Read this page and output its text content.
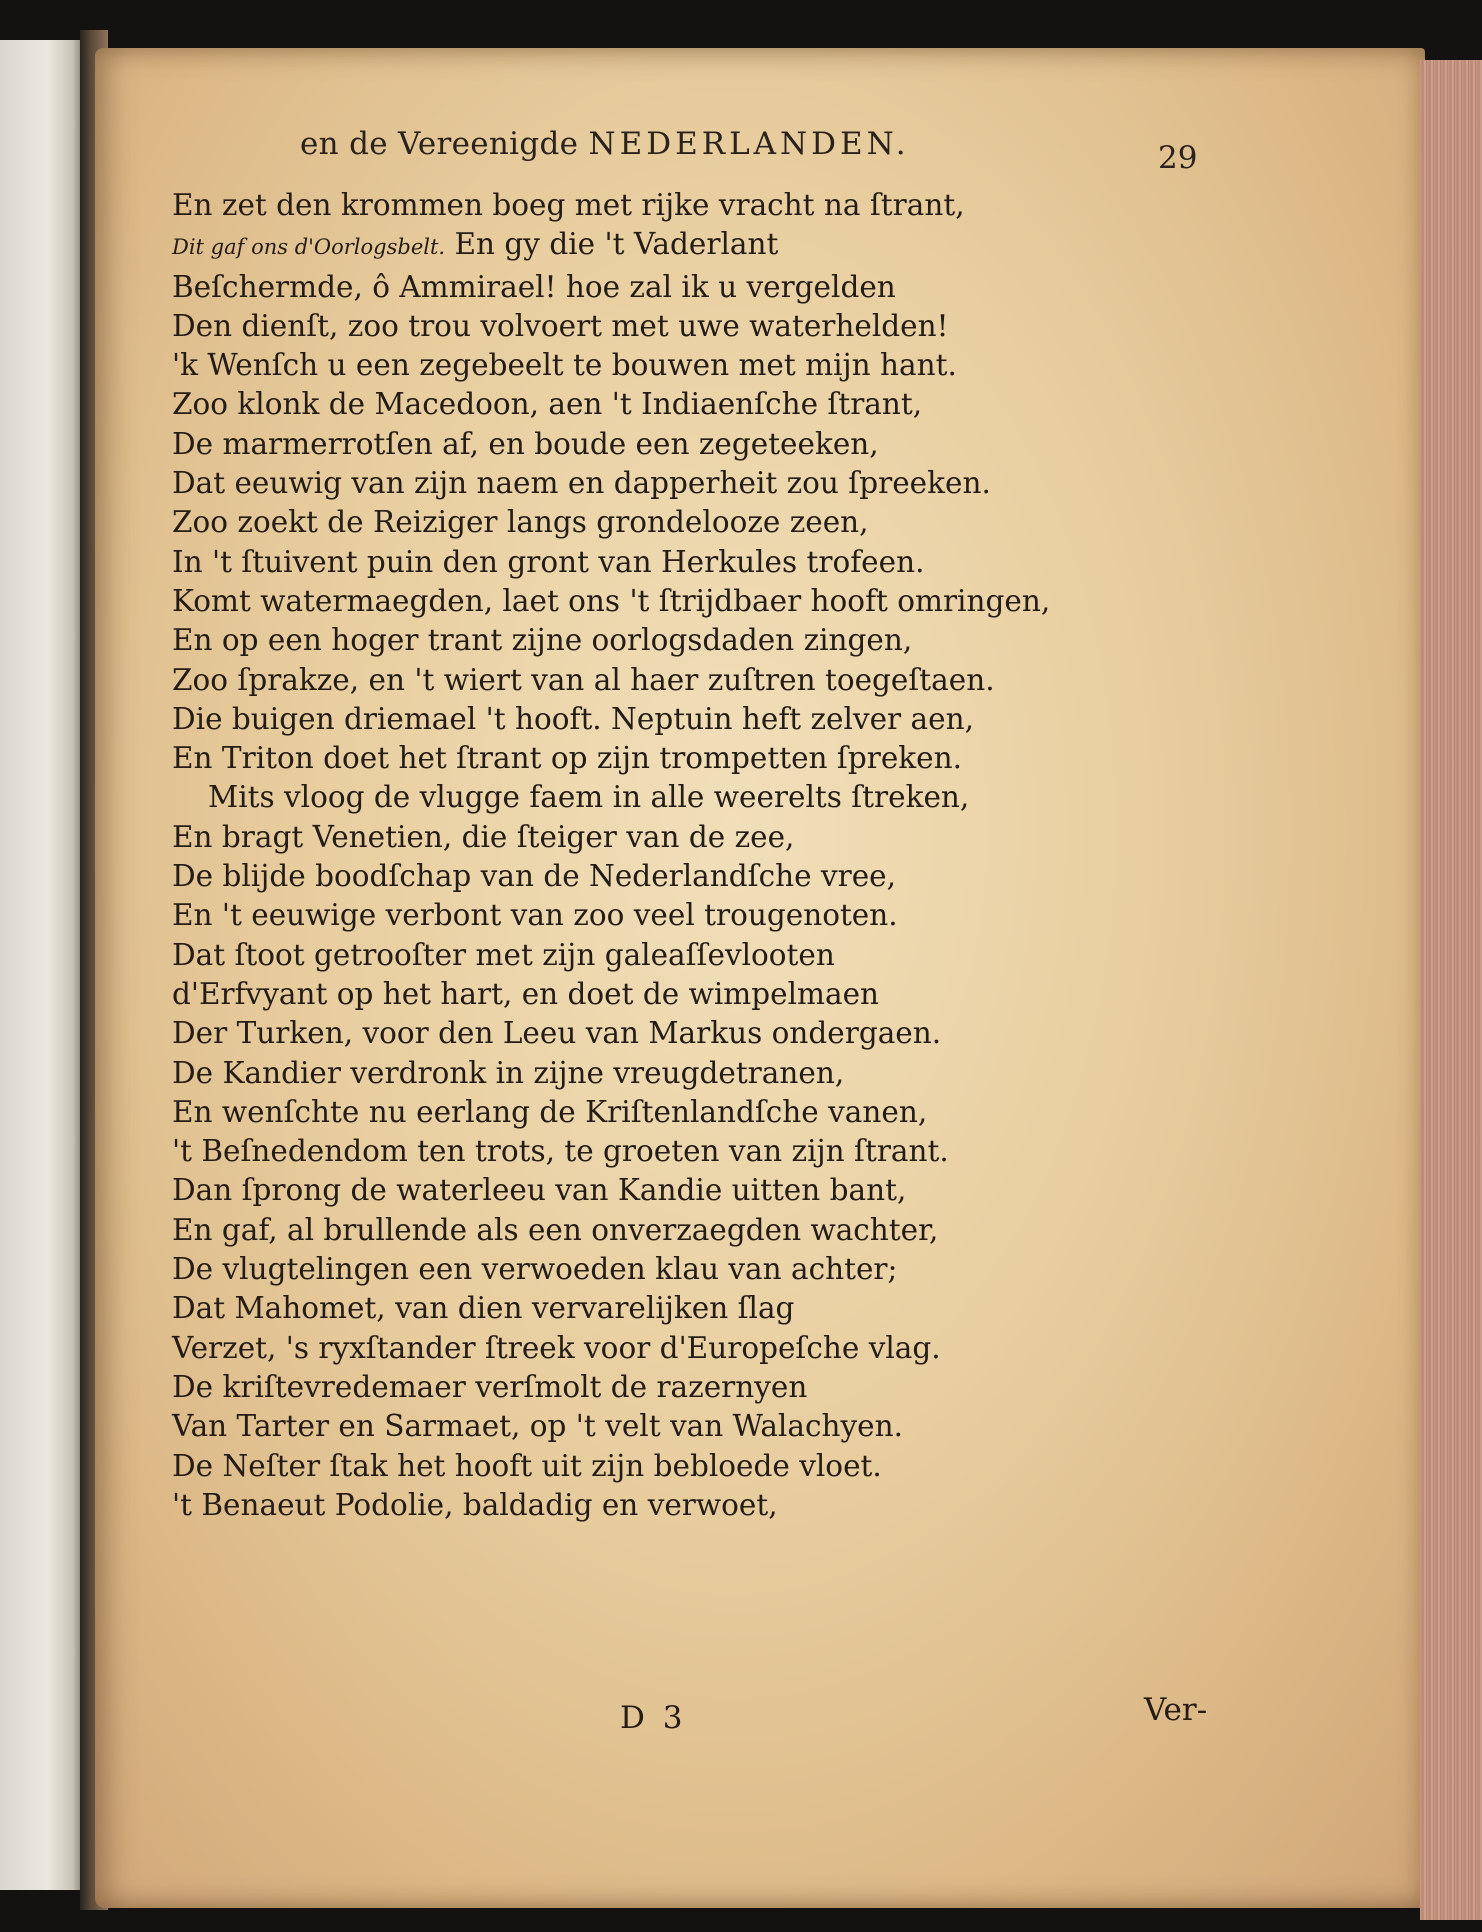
en de Vereenigde NEDERLANDEN.	29
En zet den krommen boeg met rijke vracht na ſtrant,
Dit gaf ons d'Oorlogsbelt. En gy die 't Vaderlant
Beſchermde, ô Ammirael! hoe zal ik u vergelden
Den dienſt, zoo trou volvoert met uwe waterhelden!
'k Wenſch u een zegebeelt te bouwen met mijn hant.
Zoo klonk de Macedoon, aen 't Indiaenſche ſtrant,
De marmerrotſen af, en boude een zegeteeken,
Dat eeuwig van zijn naem en dapperheit zou ſpreeken.
Zoo zoekt de Reiziger langs grondelooze zeen,
In 't ſtuivent puin den gront van Herkules trofeen.
Komt watermaegden, laet ons 't ſtrijdbaer hooft omringen,
En op een hoger trant zijne oorlogsdaden zingen,
Zoo ſprakze, en 't wiert van al haer zuſtren toegeſtaen.
Die buigen driemael 't hooft. Neptuin heft zelver aen,
En Triton doet het ſtrant op zijn trompetten ſpreken.
Mits vloog de vlugge faem in alle weerelts ſtreken,
En bragt Venetien, die ſteiger van de zee,
De blijde boodſchap van de Nederlandſche vree,
En 't eeuwige verbont van zoo veel trougenoten.
Dat ſtoot getrooſter met zijn galeaſſevlooten
d'Erfvyant op het hart, en doet de wimpelmaen
Der Turken, voor den Leeu van Markus ondergaen.
De Kandier verdronk in zijne vreugdetranen,
En wenſchte nu eerlang de Kriſtenlandſche vanen,
't Beſnedendom ten trots, te groeten van zijn ſtrant.
Dan ſprong de waterleeu van Kandie uitten bant,
En gaf, al brullende als een onverzaegden wachter,
De vlugtelingen een verwoeden klau van achter;
Dat Mahomet, van dien vervarelijken ſlag
Verzet, 's ryxſtander ſtreek voor d'Europeſche vlag.
De kriſtevredemaer verſmolt de razernyen
Van Tarter en Sarmaet, op 't velt van Walachyen.
De Neſter ſtak het hooft uit zijn bebloede vloet.
't Benaeut Podolie, baldadig en verwoet,
D 3	Ver-
